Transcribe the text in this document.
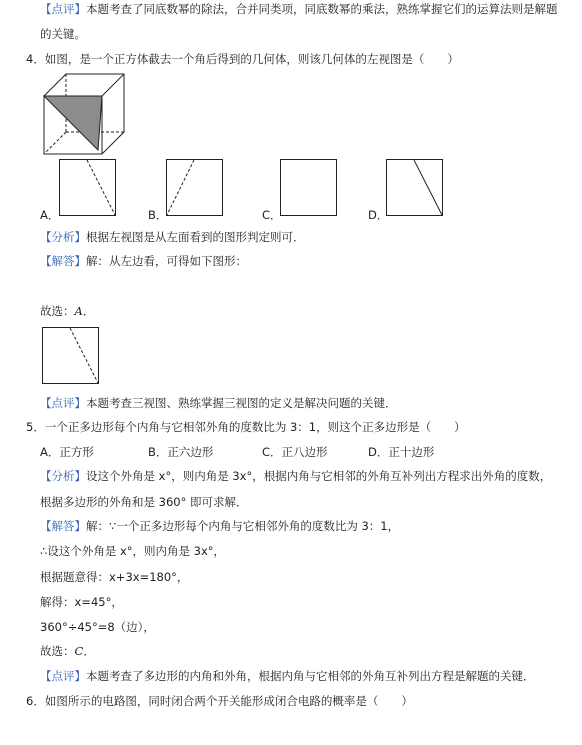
【点评】本题考查了同底数幂的除法，合并同类项，同底数幂的乘法，熟练掌握它们的运算法则是解题
的关键。
4．如图，是一个正方体截去一个角后得到的几何体，则该几何体的左视图是（　　）
A．	B．	C．	D．
【分析】根据左视图是从左面看到的图形判定则可．
【解答】解：从左边看，可得如下图形：
故选：A．
【点评】本题考查三视图、熟练掌握三视图的定义是解决问题的关键．
5．一个正多边形每个内角与它相邻外角的度数比为 3：1，则这个正多边形是（　　）
A．正方形	B．正六边形	C．正八边形	D．正十边形
【分析】设这个外角是 x°，则内角是 3x°，根据内角与它相邻的外角互补列出方程求出外角的度数，
根据多边形的外角和是 360° 即可求解．
【解答】解：∵一个正多边形每个内角与它相邻外角的度数比为 3：1，
∴设这个外角是 x°，则内角是 3x°，
根据题意得：x+3x=180°，
解得：x=45°，
360°÷45°=8（边），
故选：C．
【点评】本题考查了多边形的内角和外角，根据内角与它相邻的外角互补列出方程是解题的关键．
6．如图所示的电路图，同时闭合两个开关能形成闭合电路的概率是（　　）
